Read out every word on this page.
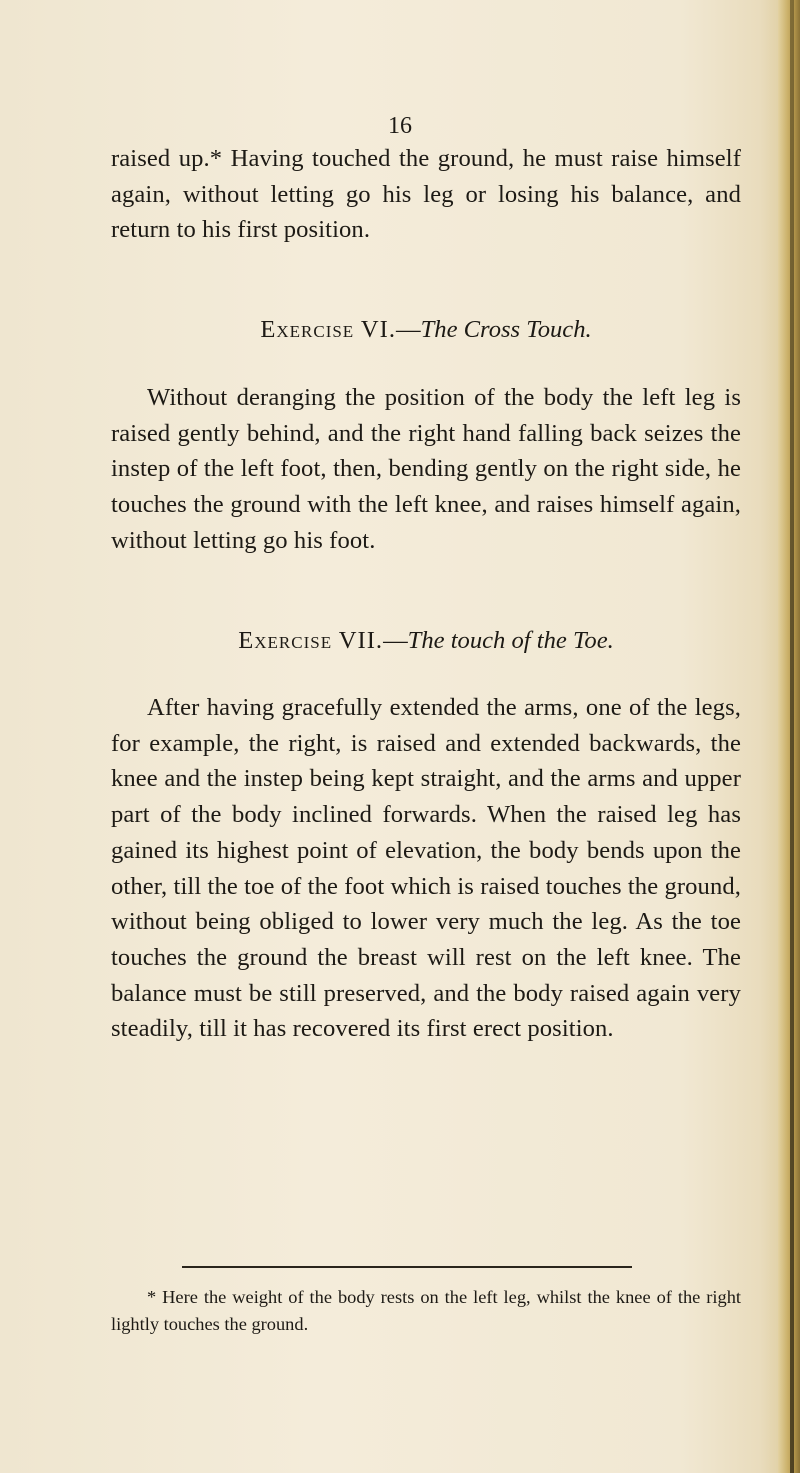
16

raised up.* Having touched the ground, he must raise himself again, without letting go his leg or losing his balance, and return to his first position.

Exercise VI.—The Cross Touch.

Without deranging the position of the body the left leg is raised gently behind, and the right hand falling back seizes the instep of the left foot, then, bending gently on the right side, he touches the ground with the left knee, and raises himself again, without letting go his foot.

Exercise VII.—The touch of the Toe.

After having gracefully extended the arms, one of the legs, for example, the right, is raised and extended backwards, the knee and the instep being kept straight, and the arms and upper part of the body inclined forwards. When the raised leg has gained its highest point of elevation, the body bends upon the other, till the toe of the foot which is raised touches the ground, without being obliged to lower very much the leg. As the toe touches the ground the breast will rest on the left knee. The balance must be still preserved, and the body raised again very steadily, till it has recovered its first erect position.

* Here the weight of the body rests on the left leg, whilst the knee of the right lightly touches the ground.
